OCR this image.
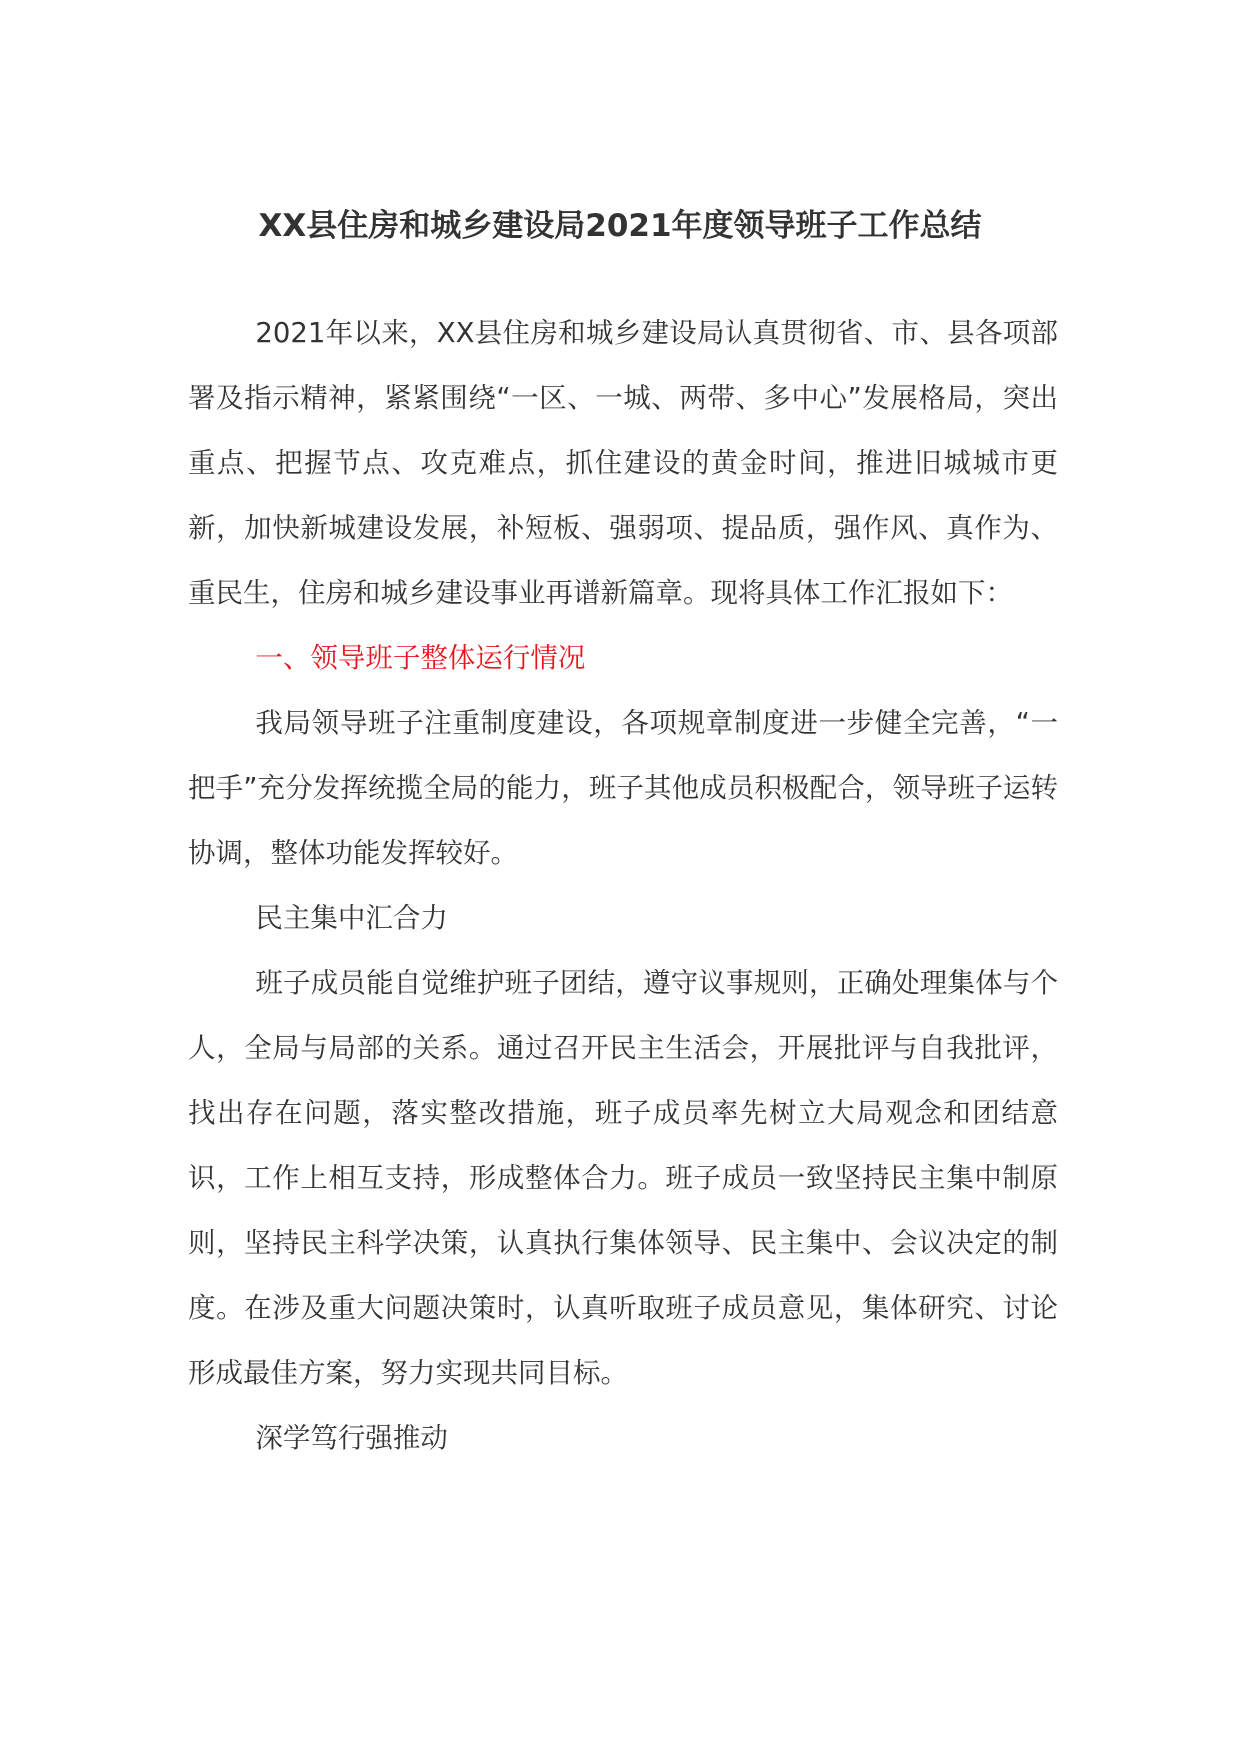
XX县住房和城乡建设局2021年度领导班子工作总结

2021年以来，XX县住房和城乡建设局认真贯彻省、市、县各项部署及指示精神，紧紧围绕“一区、一城、两带、多中心”发展格局，突出重点、把握节点、攻克难点，抓住建设的黄金时间，推进旧城城市更新，加快新城建设发展，补短板、强弱项、提品质，强作风、真作为、重民生，住房和城乡建设事业再谱新篇章。现将具体工作汇报如下：

一、领导班子整体运行情况

我局领导班子注重制度建设，各项规章制度进一步健全完善，“一把手”充分发挥统揽全局的能力，班子其他成员积极配合，领导班子运转协调，整体功能发挥较好。

民主集中汇合力

班子成员能自觉维护班子团结，遵守议事规则，正确处理集体与个人，全局与局部的关系。通过召开民主生活会，开展批评与自我批评，找出存在问题，落实整改措施，班子成员率先树立大局观念和团结意识，工作上相互支持，形成整体合力。班子成员一致坚持民主集中制原则，坚持民主科学决策，认真执行集体领导、民主集中、会议决定的制度。在涉及重大问题决策时，认真听取班子成员意见，集体研究、讨论形成最佳方案，努力实现共同目标。

深学笃行强推动
